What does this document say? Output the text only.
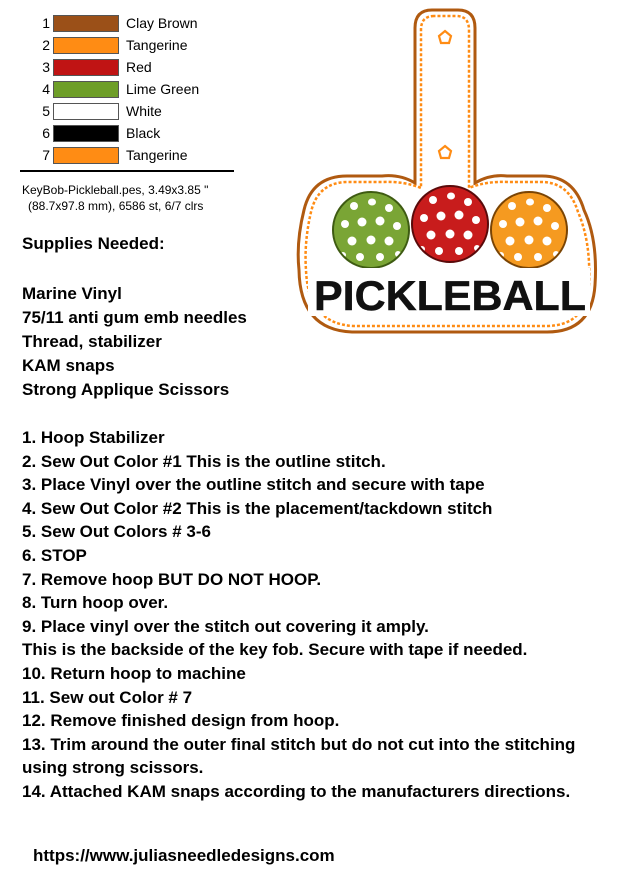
1	Clay Brown
2	Tangerine
3	Red
4	Lime Green
5	White
6	Black
7	Tangerine
KeyBob-Pickleball.pes, 3.49x3.85 "
(88.7x97.8 mm), 6586 st, 6/7 clrs
Supplies Needed:
Marine Vinyl
75/11 anti gum emb needles
Thread, stabilizer
KAM snaps
Strong Applique Scissors
1. Hoop Stabilizer
2. Sew Out Color #1 This is the outline stitch.
3. Place Vinyl over the outline stitch and secure with tape
4. Sew Out Color #2 This is the placement/tackdown stitch
5. Sew Out Colors # 3-6
6. STOP
7. Remove hoop BUT DO NOT HOOP.
8. Turn hoop over.
9. Place vinyl over the stitch out covering it amply.
This is the backside of the key fob. Secure with tape if needed.
10. Return hoop to machine
11. Sew out Color # 7
12. Remove finished design from hoop.
13. Trim around the outer final stitch but do not cut into the stitching using strong scissors.
14. Attached KAM snaps according to the manufacturers directions.
https://www.juliasneedledesigns.com
PICKLEBALL
